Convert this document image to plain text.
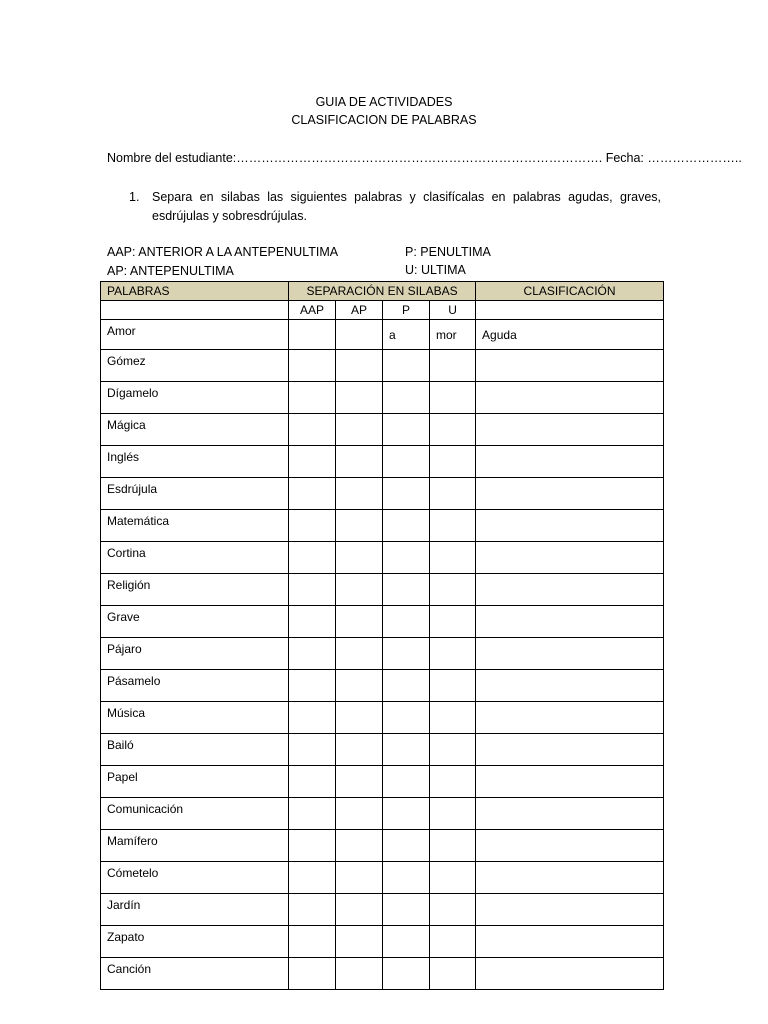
GUIA DE ACTIVIDADES
CLASIFICACION DE PALABRAS
Nombre del estudiante:……………………………………………………………………………. Fecha: …………………..
1. Separa en silabas las siguientes palabras y clasifícalas en palabras agudas, graves, esdrújulas y sobresdrújulas.
AAP: ANTERIOR A LA ANTEPENULTIMA
AP: ANTEPENULTIMA
P: PENULTIMA
U: ULTIMA
PALABRAS	SEPARACIÓN EN SILABAS				CLASIFICACIÓN
	AAP	AP	P	U	
Amor			a	mor	Aguda
Gómez					
Dígamelo					
Mágica					
Inglés					
Esdrújula					
Matemática					
Cortina					
Religión					
Grave					
Pájaro					
Pásamelo					
Música					
Bailó					
Papel					
Comunicación					
Mamífero					
Cómetelo					
Jardín					
Zapato					
Canción					
